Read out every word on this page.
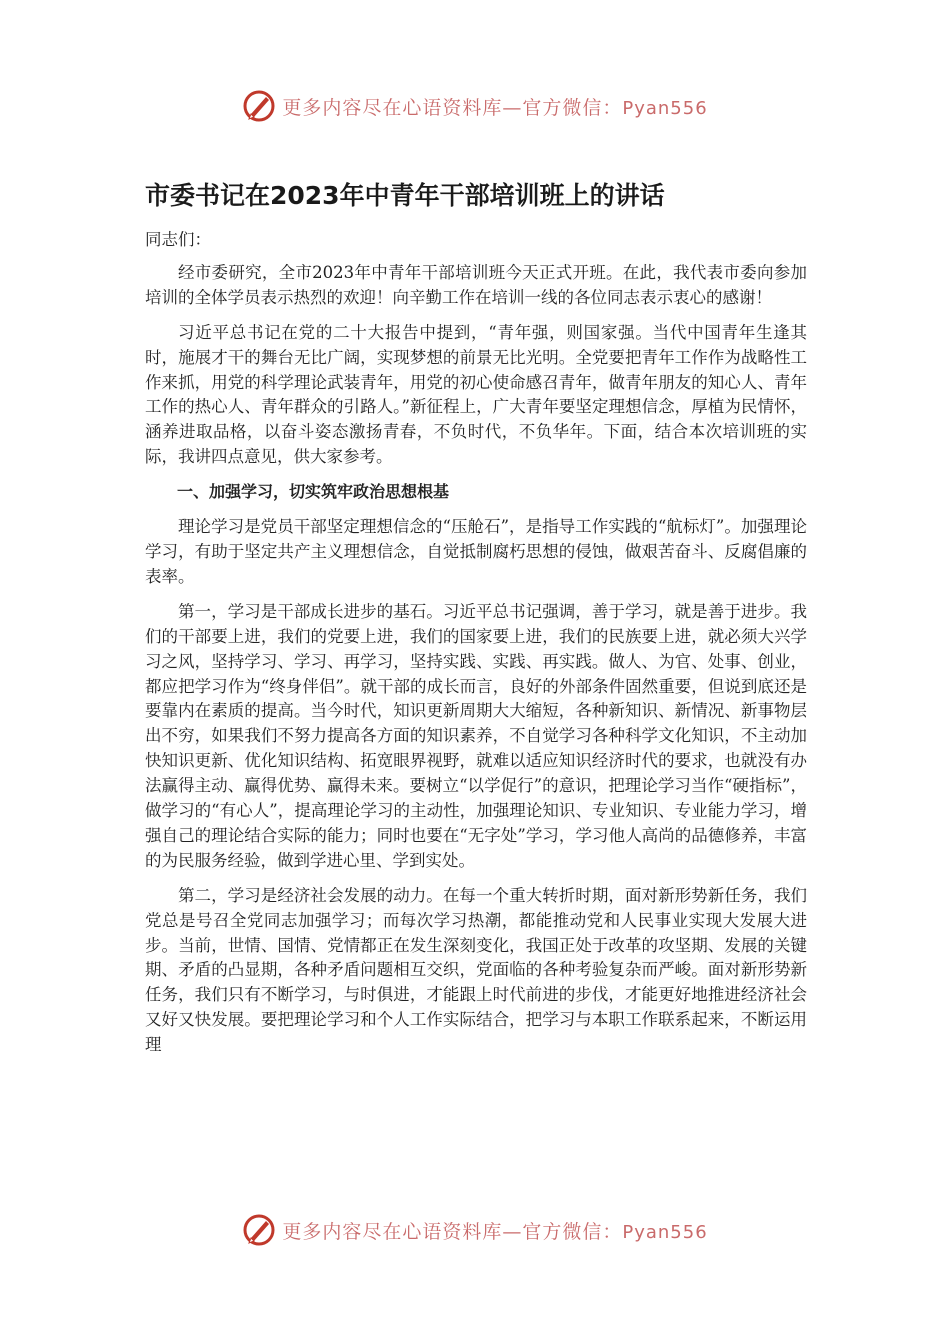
更多内容尽在心语资料库—官方微信：Pyan556
市委书记在2023年中青年干部培训班上的讲话
同志们：

经市委研究，全市2023年中青年干部培训班今天正式开班。在此，我代表市委向参加培训的全体学员表示热烈的欢迎！向辛勤工作在培训一线的各位同志表示衷心的感谢！

习近平总书记在党的二十大报告中提到，“青年强，则国家强。当代中国青年生逢其时，施展才干的舞台无比广阔，实现梦想的前景无比光明。全党要把青年工作作为战略性工作来抓，用党的科学理论武装青年，用党的初心使命感召青年，做青年朋友的知心人、青年工作的热心人、青年群众的引路人。”新征程上，广大青年要坚定理想信念，厚植为民情怀，涵养进取品格，以奋斗姿态激扬青春，不负时代，不负华年。下面，结合本次培训班的实际，我讲四点意见，供大家参考。

一、加强学习，切实筑牢政治思想根基

理论学习是党员干部坚定理想信念的“压舱石”，是指导工作实践的“航标灯”。加强理论学习，有助于坚定共产主义理想信念，自觉抵制腐朽思想的侵蚀，做艰苦奋斗、反腐倡廉的表率。

第一，学习是干部成长进步的基石。习近平总书记强调，善于学习，就是善于进步。我们的干部要上进，我们的党要上进，我们的国家要上进，我们的民族要上进，就必须大兴学习之风，坚持学习、学习、再学习，坚持实践、实践、再实践。做人、为官、处事、创业，都应把学习作为“终身伴侣”。就干部的成长而言，良好的外部条件固然重要，但说到底还是要靠内在素质的提高。当今时代，知识更新周期大大缩短，各种新知识、新情况、新事物层出不穷，如果我们不努力提高各方面的知识素养，不自觉学习各种科学文化知识，不主动加快知识更新、优化知识结构、拓宽眼界视野，就难以适应知识经济时代的要求，也就没有办法赢得主动、赢得优势、赢得未来。要树立“以学促行”的意识，把理论学习当作“硬指标”，做学习的“有心人”，提高理论学习的主动性，加强理论知识、专业知识、专业能力学习，增强自己的理论结合实际的能力；同时也要在“无字处”学习，学习他人高尚的品德修养，丰富的为民服务经验，做到学进心里、学到实处。

第二，学习是经济社会发展的动力。在每一个重大转折时期，面对新形势新任务，我们党总是号召全党同志加强学习；而每次学习热潮，都能推动党和人民事业实现大发展大进步。当前，世情、国情、党情都正在发生深刻变化，我国正处于改革的攻坚期、发展的关键期、矛盾的凸显期，各种矛盾问题相互交织，党面临的各种考验复杂而严峻。面对新形势新任务，我们只有不断学习，与时俱进，才能跟上时代前进的步伐，才能更好地推进经济社会又好又快发展。要把理论学习和个人工作实际结合，把学习与本职工作联系起来，不断运用理

更多内容尽在心语资料库—官方微信：Pyan556
